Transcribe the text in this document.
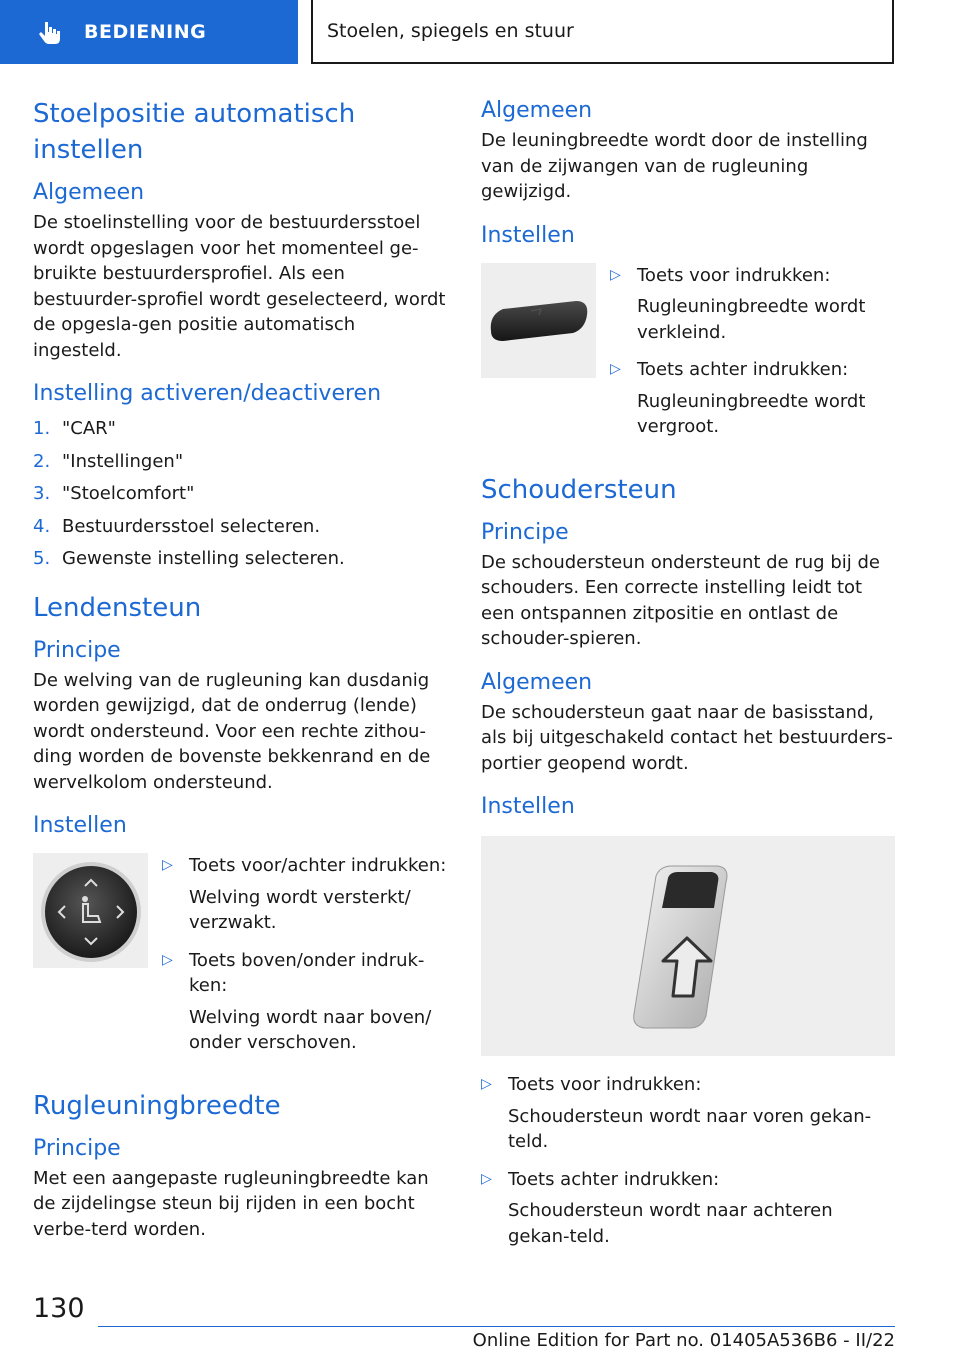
BEDIENING	Stoelen, spiegels en stuur
Stoelpositie automatisch instellen
Algemeen
De stoelinstelling voor de bestuurdersstoel wordt opgeslagen voor het momenteel ge-bruikte bestuurdersprofiel. Als een bestuurder-sprofiel wordt geselecteerd, wordt de opgesla-gen positie automatisch ingesteld.
Instelling activeren/deactiveren
1. "CAR"
2. "Instellingen"
3. "Stoelcomfort"
4. Bestuurdersstoel selecteren.
5. Gewenste instelling selecteren.
Lendensteun
Principe
De welving van de rugleuning kan dusdanig worden gewijzigd, dat de onderrug (lende) wordt ondersteund. Voor een rechte zithou-ding worden de bovenste bekkenrand en de wervelkolom ondersteund.
Instellen
▷ Toets voor/achter indrukken:
Welving wordt versterkt/ verzwakt.
▷ Toets boven/onder indruk-ken:
Welving wordt naar boven/ onder verschoven.
Rugleuningbreedte
Principe
Met een aangepaste rugleuningbreedte kan de zijdelingse steun bij rijden in een bocht verbe-terd worden.
Algemeen
De leuningbreedte wordt door de instelling van de zijwangen van de rugleuning gewijzigd.
Instellen
▷ Toets voor indrukken:
Rugleuningbreedte wordt verkleind.
▷ Toets achter indrukken:
Rugleuningbreedte wordt vergroot.
Schoudersteun
Principe
De schoudersteun ondersteunt de rug bij de schouders. Een correcte instelling leidt tot een ontspannen zitpositie en ontlast de schouder-spieren.
Algemeen
De schoudersteun gaat naar de basisstand, als bij uitgeschakeld contact het bestuurders-portier geopend wordt.
Instellen
▷ Toets voor indrukken:
Schoudersteun wordt naar voren gekan-teld.
▷ Toets achter indrukken:
Schoudersteun wordt naar achteren gekan-teld.
130
Online Edition for Part no. 01405A536B6 - II/22
